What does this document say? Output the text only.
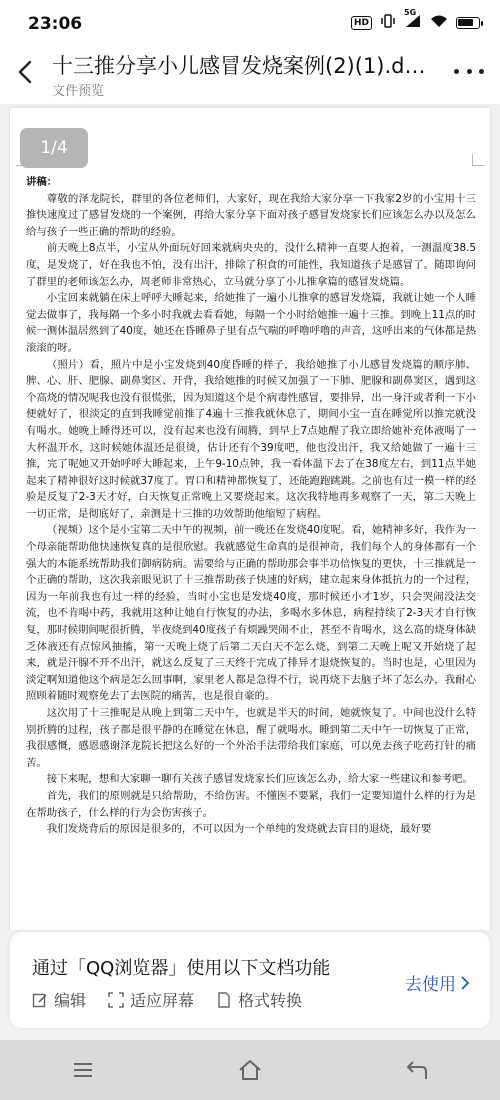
23:06	HD
5G
十三推分享小儿感冒发烧案例(2)(1).d…
文件预览
1/4
讲稿：

尊敬的泽龙院长，群里的各位老师们，大家好，现在我给大家分享一下我家2岁的小宝用十三推快速度过了感冒发烧的一个案例，再给大家分享下面对孩子感冒发烧家长们应该怎么办以及怎么给与孩子一些正确的帮助的经验。

前天晚上8点半，小宝从外面玩好回来就病央央的，没什么精神一直要人抱着，一测温度38.5度，是发烧了，好在我也不怕，没有出汗，排除了积食的可能性，我知道孩子是感冒了。随即询问了群里的老师该怎么办，周老师非常热心，立马就分享了小儿推拿篇的感冒发烧篇。

小宝回来就躺在床上呼呼大睡起来，给她推了一遍小儿推拿的感冒发烧篇，我就让她一个人睡觉去做事了，我每隔一个多小时我就去看看她，每隔一个小时给她推一遍十三推。到晚上11点的时候一测体温居然到了40度，她还在昏睡鼻子里有点气喘的呼噜呼噜的声音，这呼出来的气体都是热滚滚的呀。

（照片）看，照片中是小宝发烧到40度昏睡的样子，我给她推了小儿感冒发烧篇的顺序肺、脾、心、肝、肥腺、副鼻窦区、开背，我给她推的时候又加强了一下肺、肥腺和副鼻窦区，遇到这个高烧的情况呢我也没有很慌张，因为知道这个是个病毒性感冒，要排异，出一身汗或者利一下小便就好了，很淡定的直到我睡觉前推了4遍十三推我就休息了，期间小宝一直在睡觉所以推完就没有喝水。她晚上睡得还可以，没有起来也没有闹腾，到早上7点她醒了我立即给她补充体液喝了一大杯温开水，这时候她体温还是很烫，估计还有个39度吧，他也没出汗，我又给她做了一遍十三推，完了呢她又开始呼呼大睡起来，上午9-10点钟，我一看体温下去了在38度左右，到11点半她起来了精神很好这时候就37度了。胃口和精神都恢复了，还能跑跑跳跳。之前也有过一模一样的经验是反复了2-3天才好，白天恢复正常晚上又要烧起来。这次我特地再多观察了一天，第二天晚上一切正常，是彻底好了，亲测是十三推的功效帮助他缩短了病程。

（视频）这个是小宝第二天中午的视频，前一晚还在发烧40度呢。看，她精神多好，我作为一个母亲能帮助他快速恢复真的是很欣慰。我就感觉生命真的是很神奇，我们每个人的身体都有一个强大的本能系统帮助我们御病防病。需要给与正确的帮助那会事半功倍恢复的更快，十三推就是一个正确的帮助，这次我亲眼见识了十三推帮助孩子快速的好病，建立起来身体抵抗力的一个过程，因为一年前我也有过一样的经验，当时小宝也是发烧40度，那时候还小才1岁，只会哭闹没法交流，也不肯喝中药，我就用这种让她自行恢复的办法，多喝水多休息，病程持续了2-3天才自行恢复，那时候期间呢很折腾，半夜烧到40度孩子有烦躁哭闹不止，甚至不肯喝水，这么高的烧身体缺乏体液还有点惊风抽搐，第一天晚上烧了后第二天白天不怎么烧，到第二天晚上呢又开始烧了起来，就是汗腺不开不出汗，就这么反复了三天终于完成了排异才退烧恢复的。当时也是，心里因为淡定啊知道他这个病是怎么回事啊，家里老人都是急得不行，说再烧下去脑子坏了怎么办，我耐心照顾着随时观察免去了去医院的痛苦，也是很自豪的。

这次用了十三推呢是从晚上到第二天中午，也就是半天的时间，她就恢复了。中间也没什么特别折腾的过程，孩子都是很平静的在睡觉在休息，醒了就喝水。睡到第二天中午一切恢复了正常，我很感慨，感恩感谢泽龙院长把这么好的一个外治手法带给我们家庭，可以免去孩子吃药打针的痛苦。

接下来呢，想和大家聊一聊有关孩子感冒发烧家长们应该怎么办，给大家一些建议和参考吧。

首先，我们的原则就是只给帮助，不给伤害。不懂医不要紧，我们一定要知道什么样的行为是在帮助孩子，什么样的行为会伤害孩子。

我们发烧背后的原因是很多的，不可以因为一个单纯的发烧就去盲目的退烧，最好要

通过「QQ浏览器」使用以下文档功能
编辑	适应屏幕	格式转换
去使用
